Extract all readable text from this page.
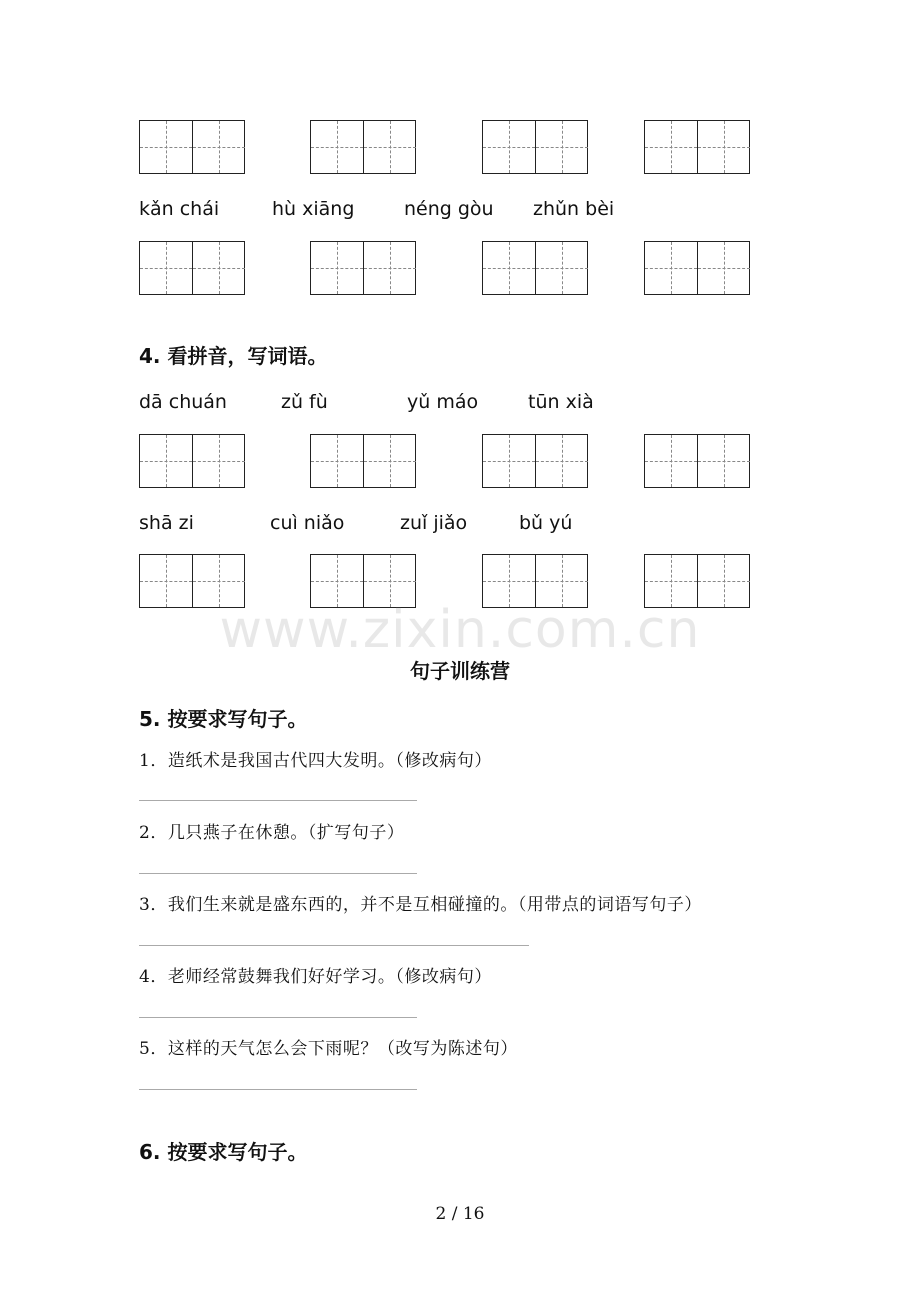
kǎn chái	hù xiāng	néng gòu zhǔn bèi
4. 看拼音，写词语。
dā chuán	zǔ fù	yǔ máo	tūn xià
shā zi	cuì niǎo	zuǐ jiǎo	bǔ yú
www.zixin.com.cn
句子训练营
5. 按要求写句子。
1．造纸术是我国古代四大发明。（修改病句）
2．几只燕子在休憩。（扩写句子）
3．我们生来就是盛东西的，并不是互相碰撞的。（用带点的词语写句子）
4．老师经常鼓舞我们好好学习。（修改病句）
5．这样的天气怎么会下雨呢？（改写为陈述句）
6. 按要求写句子。
2 / 16
